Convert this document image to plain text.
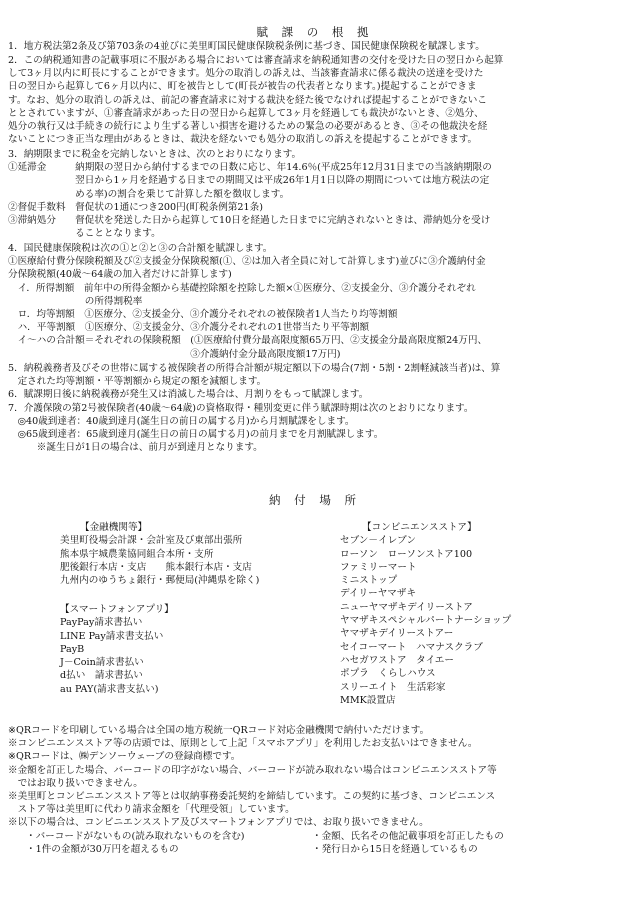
賦 課 の 根 拠
1．地方税法第2条及び第703条の4並びに美里町国民健康保険税条例に基づき、国民健康保険税を賦課します。
2．この納税通知書の記載事項に不服がある場合においては審査請求を納税通知書の交付を受けた日の翌日から起算
して3ヶ月以内に町長にすることができます。処分の取消しの訴えは、当該審査請求に係る裁決の送達を受けた
日の翌日から起算して6ヶ月以内に、町を被告として(町長が被告の代表者となります。)提起することができま
す。なお、処分の取消しの訴えは、前記の審査請求に対する裁決を経た後でなければ提起することができないこ
ととされていますが、①審査請求があった日の翌日から起算して3ヶ月を経過しても裁決がないとき、②処分、
処分の執行又は手続きの続行により生ずる著しい損害を避けるための緊急の必要があるとき、③その他裁決を経
ないことにつき正当な理由があるときは、裁決を経ないでも処分の取消しの訴えを提起することができます。
3．納期限までに税金を完納しないときは、次のとおりになります。
①延滞金　　　納期限の翌日から納付するまでの日数に応じ、年14.6％(平成25年12月31日までの当該納期限の
　　　　　　　翌日から1ヶ月を経過する日までの期間又は平成26年1月1日以降の期間については地方税法の定
　　　　　　　める率)の割合を乗じて計算した額を徴収します。
②督促手数料　督促状の1通につき200円(町税条例第21条)
③滞納処分　　督促状を発送した日から起算して10日を経過した日までに完納されないときは、滞納処分を受け
　　　　　　　ることとなります。
4．国民健康保険税は次の①と②と③の合計額を賦課します。
①医療給付費分保険税額及び②支援金分保険税額(①、②は加入者全員に対して計算します)並びに③介護納付金
分保険税額(40歳～64歳の加入者だけに計算します)
　イ．所得割額　前年中の所得金額から基礎控除額を控除した額×①医療分、②支援金分、③介護分それぞれ
　　　　　　　　の所得割税率
　ロ．均等割額　①医療分、②支援金分、③介護分それぞれの被保険者1人当たり均等割額
　ハ．平等割額　①医療分、②支援金分、③介護分それぞれの1世帯当たり平等割額
　イ～ハの合計額＝それぞれの保険税額　(①医療給付費分最高限度額65万円、②支援金分最高限度額24万円、
　　　　　　　　　　　　　　　　　　　③介護納付金分最高限度額17万円)
5．納税義務者及びその世帯に属する被保険者の所得合計額が規定額以下の場合(7割・5割・2割軽減該当者)は、算
　定された均等割額・平等割額から規定の額を減額します。
6．賦課期日後に納税義務が発生又は消滅した場合は、月割りをもって賦課します。
7．介護保険の第2号被保険者(40歳～64歳)の資格取得・種別変更に伴う賦課時期は次のとおりになります。
　◎40歳到達者：40歳到達月(誕生日の前日の属する月)から月割賦課をします。
　◎65歳到達者：65歳到達月(誕生日の前日の属する月)の前月までを月割賦課します。
　　　※誕生日が1日の場合は、前月が到達月となります。
納 付 場 所
【金融機関等】
美里町役場会計課・会計室及び東部出張所
熊本県宇城農業協同組合本所・支所
肥後銀行本店・支店　　熊本銀行本店・支店
九州内のゆうちょ銀行・郵便局(沖縄県を除く)
【スマートフォンアプリ】
PayPay請求書払い
LINE Pay請求書支払い
PayB
J－Coin請求書払い
d払い　請求書払い
au PAY(請求書支払い)
【コンビニエンスストア】
セブン－イレブン
ローソン　ローソンストア100
ファミリーマート
ミニストップ
デイリーヤマザキ
ニューヤマザキデイリーストア
ヤマザキスペシャルパートナーショップ
ヤマザキデイリーストアー
セイコーマート　ハマナスクラブ
ハセガワストア　タイエー
ポプラ　くらしハウス
スリーエイト　生活彩家
MMK設置店
※QRコードを印刷している場合は全国の地方税統一QRコード対応金融機関で納付いただけます。
※コンビニエンスストア等の店頭では、原則として上記「スマホアプリ」を利用したお支払いはできません。
※QRコードは、㈱デンソーウェーブの登録商標です。
※金額を訂正した場合、バーコードの印字がない場合、バーコードが読み取れない場合はコンビニエンスストア等
　ではお取り扱いできません。
※美里町とコンビニエンスストア等とは収納事務委託契約を締結しています。この契約に基づき、コンビニエンス
　ストア等は美里町に代わり請求金額を「代理受領」しています。
※以下の場合は、コンビニエンスストア及びスマートフォンアプリでは、お取り扱いできません。
・バーコードがないもの(読み取れないものを含む)
・1件の金額が30万円を超えるもの
・金額、氏名その他記載事項を訂正したもの
・発行日から15日を経過しているもの
